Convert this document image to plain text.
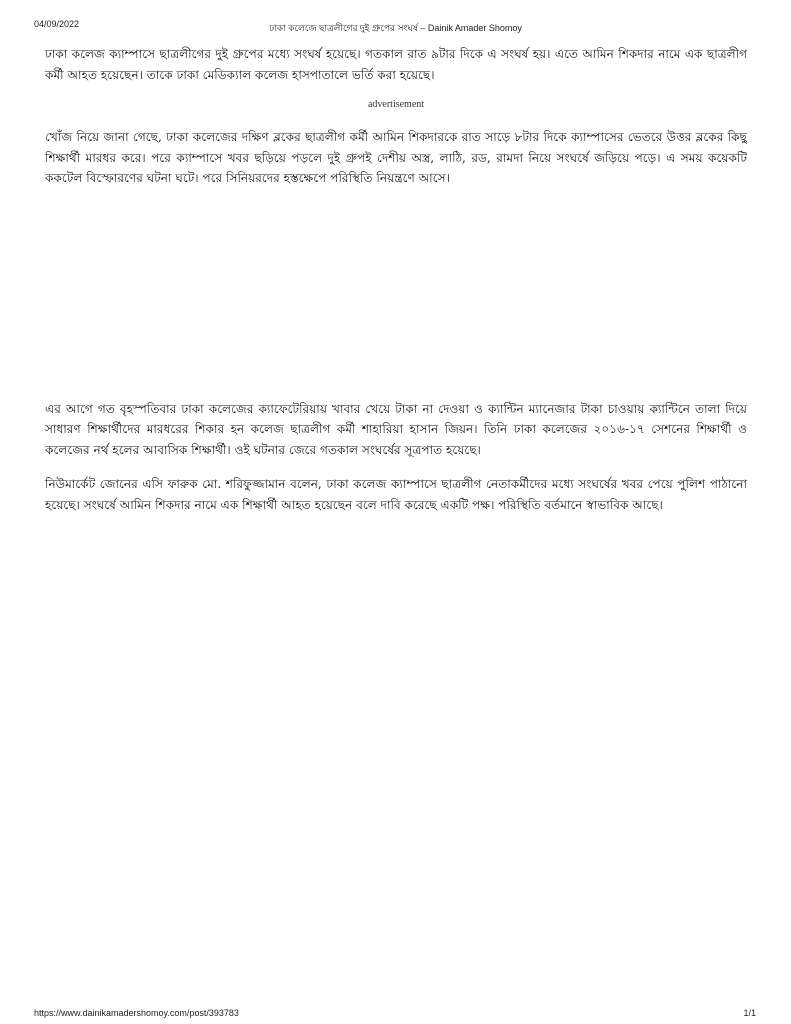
04/09/2022	ঢাকা কলেজে ছাত্রলীগের দুই গ্রুপের সংঘর্ষ – Dainik Amader Shomoy

ঢাকা কলেজ ক্যাম্পাসে ছাত্রলীগের দুই গ্রুপের মধ্যে সংঘর্ষ হয়েছে। গতকাল রাত ৯টার দিকে এ সংঘর্ষ হয়। এতে আমিন শিকদার নামে এক ছাত্রলীগ কর্মী আহত হয়েছেন। তাকে ঢাকা মেডিক্যাল কলেজ হাসপাতালে ভর্তি করা হয়েছে।

advertisement

খোঁজ নিয়ে জানা গেছে, ঢাকা কলেজের দক্ষিণ ব্লকের ছাত্রলীগ কর্মী আমিন শিকদারকে রাত সাড়ে ৮টার দিকে ক্যাম্পাসের ভেতরে উত্তর ব্লকের কিছু শিক্ষার্থী মারধর করে। পরে ক্যাম্পাসে খবর ছড়িয়ে পড়লে দুই গ্রুপই দেশীয় অস্ত্র, লাঠি, রড, রামদা নিয়ে সংঘর্ষে জড়িয়ে পড়ে। এ সময় কয়েকটি ককটেল বিস্ফোরণের ঘটনা ঘটে। পরে সিনিয়রদের হস্তক্ষেপে পরিস্থিতি নিয়ন্ত্রণে আসে।

এর আগে গত বৃহস্পতিবার ঢাকা কলেজের ক্যাফেটেরিয়ায় খাবার খেয়ে টাকা না দেওয়া ও ক্যান্টিন ম্যানেজার টাকা চাওয়ায় ক্যান্টিনে তালা দিয়ে সাধারণ শিক্ষার্থীদের মারধরের শিকার হন কলেজ ছাত্রলীগ কর্মী শাহারিয়া হাসান জিয়ন। তিনি ঢাকা কলেজের ২০১৬-১৭ সেশনের শিক্ষার্থী ও কলেজের নর্থ হলের আবাসিক শিক্ষার্থী। ওই ঘটনার জেরে গতকাল সংঘর্ষের সূত্রপাত হয়েছে।

নিউমার্কেট জোনের এসি ফারুক মো. শরিফুজ্জামান বলেন, ঢাকা কলেজ ক্যাম্পাসে ছাত্রলীগ নেতাকর্মীদের মধ্যে সংঘর্ষের খবর পেয়ে পুলিশ পাঠানো হয়েছে। সংঘর্ষে আমিন শিকদার নামে এক শিক্ষার্থী আহত হয়েছেন বলে দাবি করেছে একটি পক্ষ। পরিস্থিতি বর্তমানে স্বাভাবিক আছে।

https://www.dainikamadershomoy.com/post/393783	1/1
